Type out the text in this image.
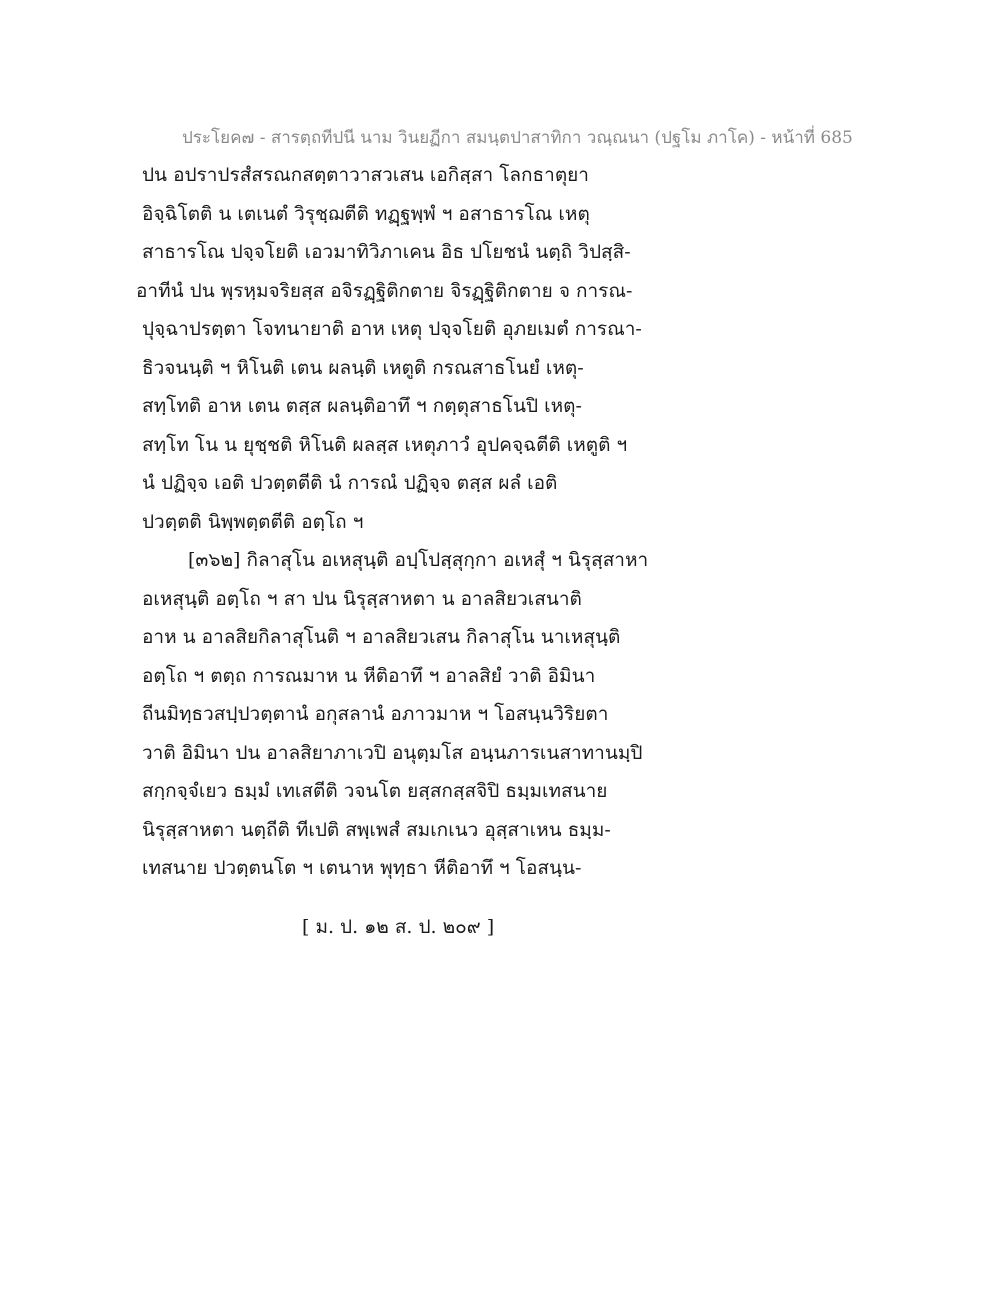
ประโยค๗ - สารตฺถทีปนี นาม วินยฏีกา สมนฺตปาสาทิกา วณฺณนา (ปฐโม ภาโค) - หน้าที่ 685
ปน อปราปรสํสรณกสตฺตาวาสวเสน เอกิสฺสา โลกธาตุยา
อิจฺฉิโตติ น เตเนตํ วิรุชฺฌตีติ ทฏฺฐพฺพํ ฯ อสาธารโณ เหตุ
สาธารโณ ปจฺจโยติ เอวมาทิวิภาเคน อิธ ปโยชนํ นตฺถิ วิปสฺสิ-
อาทีนํ ปน พฺรหฺมจริยสฺส อจิรฏฺฐิติกตาย จิรฏฺฐิติกตาย จ การณ-
ปุจฺฉาปรตฺตา โจทนายาติ อาห เหตุ ปจฺจโยติ อุภยเมตํ การณา-
ธิวจนนฺติ ฯ หิโนติ เตน ผลนฺติ เหตูติ กรณสาธโนยํ เหตุ-
สทฺโทติ อาห เตน ตสฺส ผลนฺติอาทึ ฯ กตฺตุสาธโนปิ เหตุ-
สทฺโท โน น ยุชฺชติ หิโนติ ผลสฺส เหตุภาวํ อุปคจฺฉตีติ เหตูติ ฯ
นํ ปฏิจฺจ เอติ ปวตฺตตีติ นํ การณํ ปฏิจฺจ ตสฺส ผลํ เอติ
ปวตฺตติ นิพฺพตฺตตีติ อตฺโถ ฯ
[๓๖๒] กิลาสุโน อเหสุนฺติ อปฺโปสฺสุกฺกา อเหสุํ ฯ นิรุสฺสาหา
อเหสุนฺติ อตฺโถ ฯ สา ปน นิรุสฺสาหตา น อาลสิยวเสนาติ
อาห น อาลสิยกิลาสุโนติ ฯ อาลสิยวเสน กิลาสุโน นาเหสุนฺติ
อตฺโถ ฯ ตตฺถ การณมาห น หีติอาทึ ฯ อาลสิยํ วาติ อิมินา
ถีนมิทฺธวสปฺปวตฺตานํ อกุสลานํ อภาวมาห ฯ โอสนฺนวิริยตา
วาติ อิมินา ปน อาลสิยาภาเวปิ อนุตฺมโส อนฺนภารเนสาทานมฺปิ
สกฺกจฺจํเยว ธมฺมํ เทเสตีติ วจนโต ยสฺสกสฺสจิปิ ธมฺมเทสนาย
นิรุสฺสาหตา นตฺถีติ ทีเปติ สพฺเพสํ สมเกเนว อุสฺสาเหน ธมฺม-
เทสนาย ปวตฺตนโต ฯ เตนาห พุทฺธา หีติอาทึ ฯ โอสนฺน-
[ ม. ป. ๑๒ ส. ป. ๒๐๙ ]
